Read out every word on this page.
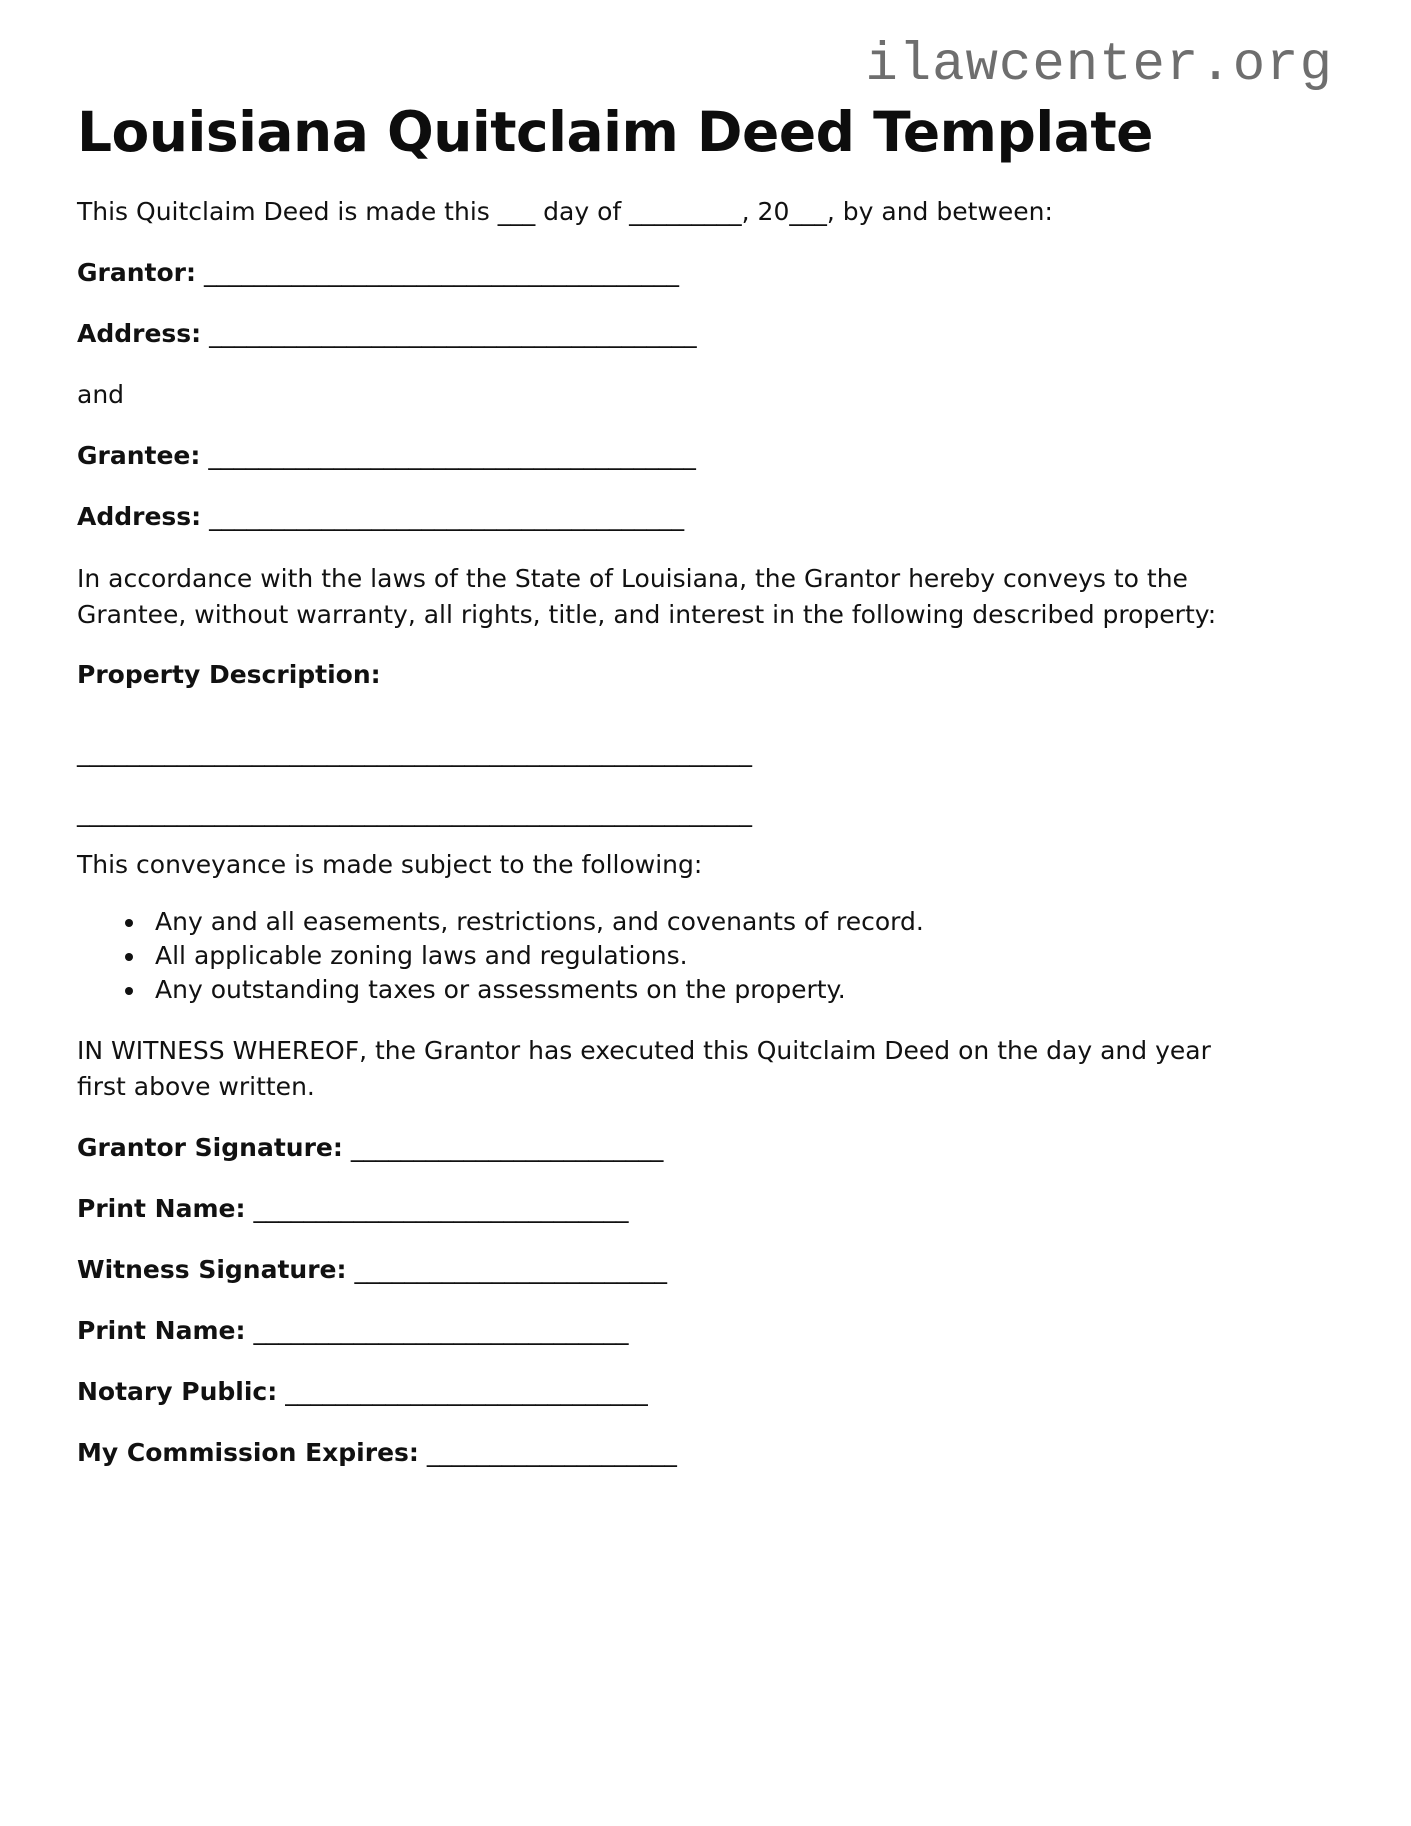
ilawcenter.org
Louisiana Quitclaim Deed Template

This Quitclaim Deed is made this ___ day of _________, 20___, by and between:

Grantor: ______________________________________

Address: _______________________________________

and

Grantee: _______________________________________

Address: ______________________________________

In accordance with the laws of the State of Louisiana, the Grantor hereby conveys to the
Grantee, without warranty, all rights, title, and interest in the following described property:

Property Description:

______________________________________________________
______________________________________________________

This conveyance is made subject to the following:

• Any and all easements, restrictions, and covenants of record.
• All applicable zoning laws and regulations.
• Any outstanding taxes or assessments on the property.
IN WITNESS WHEREOF, the Grantor has executed this Quitclaim Deed on the day and year
first above written.

Grantor Signature: _________________________

Print Name: ______________________________

Witness Signature: _________________________

Print Name: ______________________________

Notary Public: _____________________________

My Commission Expires: ____________________
